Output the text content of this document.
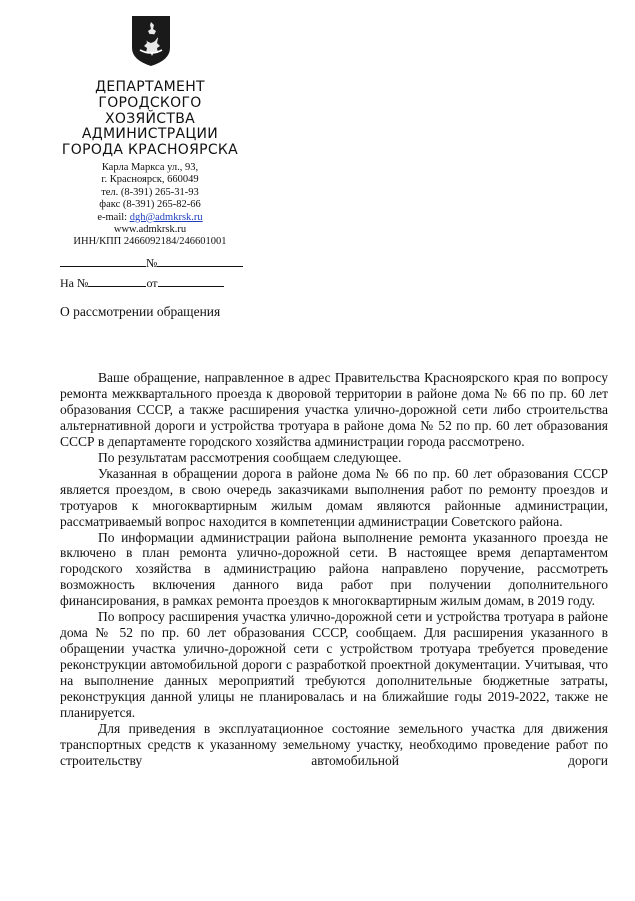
ДЕПАРТАМЕНТ
ГОРОДСКОГО
ХОЗЯЙСТВА
АДМИНИСТРАЦИИ
ГОРОДА КРАСНОЯРСКА
Карла Маркса ул., 93,
г. Красноярск, 660049
тел. (8-391) 265-31-93
факс (8-391) 265-82-66
e-mail: dgh@admkrsk.ru
www.admkrsk.ru
ИНН/КПП 2466092184/246601001
№
На №	от
О рассмотрении обращения

Ваше обращение, направленное в адрес Правительства Красноярского края по вопросу ремонта межквартального проезда к дворовой территории в районе дома № 66 по пр. 60 лет образования СССР, а также расширения участка улично-дорожной сети либо строительства альтернативной дороги и устройства тротуара в районе дома № 52 по пр. 60 лет образования СССР в департаменте городского хозяйства администрации города рассмотрено.

По результатам рассмотрения сообщаем следующее.

Указанная в обращении дорога в районе дома № 66 по пр. 60 лет образования СССР является проездом, в свою очередь заказчиками выполнения работ по ремонту проездов и тротуаров к многоквартирным жилым домам являются районные администрации, рассматриваемый вопрос находится в компетенции администрации Советского района.

По информации администрации района выполнение ремонта указанного проезда не включено в план ремонта улично-дорожной сети. В настоящее время департаментом городского хозяйства в администрацию района направлено поручение, рассмотреть возможность включения данного вида работ при получении дополнительного финансирования, в рамках ремонта проездов к многоквартирным жилым домам, в 2019 году.

По вопросу расширения участка улично-дорожной сети и устройства тротуара в районе дома № 52 по пр. 60 лет образования СССР, сообщаем. Для расширения указанного в обращении участка улично-дорожной сети с устройством тротуара требуется проведение реконструкции автомобильной дороги с разработкой проектной документации. Учитывая, что на выполнение данных мероприятий требуются дополнительные бюджетные затраты, реконструкция данной улицы не планировалась и на ближайшие годы 2019-2022, также не планируется.

Для приведения в эксплуатационное состояние земельного участка для движения транспортных средств к указанному земельному участку, необходимо проведение работ по строительству автомобильной дороги
